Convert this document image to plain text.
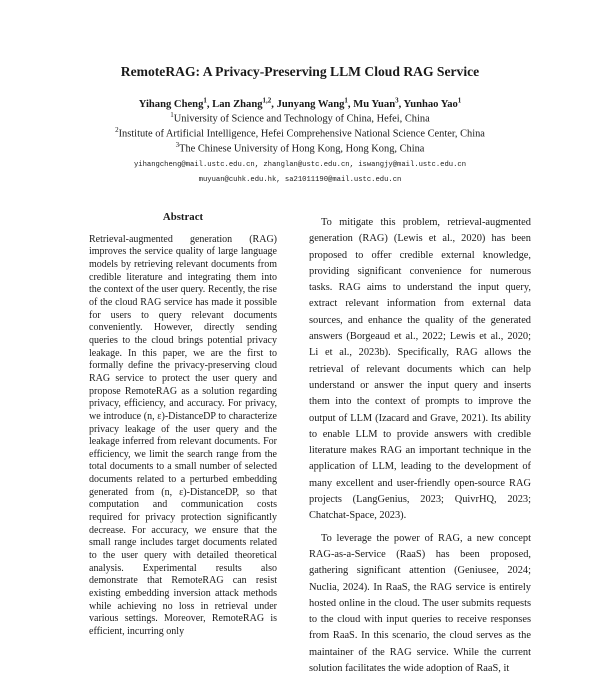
RemoteRAG: A Privacy-Preserving LLM Cloud RAG Service
Yihang Cheng$^1$, Lan Zhang$^{1,2}$, Junyang Wang$^1$, Mu Yuan$^3$, Yunhao Yao$^1$
$^1$University of Science and Technology of China, Hefei, China
$^2$Institute of Artificial Intelligence, Hefei Comprehensive National Science Center, China
$^3$The Chinese University of Hong Kong, Hong Kong, China
yihangcheng@mail.ustc.edu.cn, zhanglan@ustc.edu.cn, iswangjy@mail.ustc.edu.cn
muyuan@cuhk.edu.hk, sa21011190@mail.ustc.edu.cn
Abstract
Retrieval-augmented generation (RAG) improves the service quality of large language models by retrieving relevant documents from credible literature and integrating them into the context of the user query. Recently, the rise of the cloud RAG service has made it possible for users to query relevant documents conveniently. However, directly sending queries to the cloud brings potential privacy leakage. In this paper, we are the first to formally define the privacy-preserving cloud RAG service to protect the user query and propose RemoteRAG as a solution regarding privacy, efficiency, and accuracy. For privacy, we introduce (n, ε)-DistanceDP to characterize privacy leakage of the user query and the leakage inferred from relevant documents. For efficiency, we limit the search range from the total documents to a small number of selected documents related to a perturbed embedding generated from (n, ε)-DistanceDP, so that computation and communication costs required for privacy protection significantly decrease. For accuracy, we ensure that the small range includes target documents related to the user query with detailed theoretical analysis. Experimental results also demonstrate that RemoteRAG can resist existing embedding inversion attack methods while achieving no loss in retrieval under various settings. Moreover, RemoteRAG is efficient, incurring only

To mitigate this problem, retrieval-augmented generation (RAG) (Lewis et al., 2020) has been proposed to offer credible external knowledge, providing significant convenience for numerous tasks. RAG aims to understand the input query, extract relevant information from external data sources, and enhance the quality of the generated answers (Borgeaud et al., 2022; Lewis et al., 2020; Li et al., 2023b). Specifically, RAG allows the retrieval of relevant documents which can help understand or answer the input query and inserts them into the context of prompts to improve the output of LLM (Izacard and Grave, 2021). Its ability to enable LLM to provide answers with credible literature makes RAG an important technique in the application of LLM, leading to the development of many excellent and user-friendly open-source RAG projects (LangGenius, 2023; QuivrHQ, 2023; Chatchat-Space, 2023).

To leverage the power of RAG, a new concept RAG-as-a-Service (RaaS) has been proposed, gathering significant attention (Geniusee, 2024; Nuclia, 2024). In RaaS, the RAG service is entirely hosted online in the cloud. The user submits requests to the cloud with input queries to receive responses from RaaS. In this scenario, the cloud serves as the maintainer of the RAG service. While the current solution facilitates the wide adoption of RaaS, it
